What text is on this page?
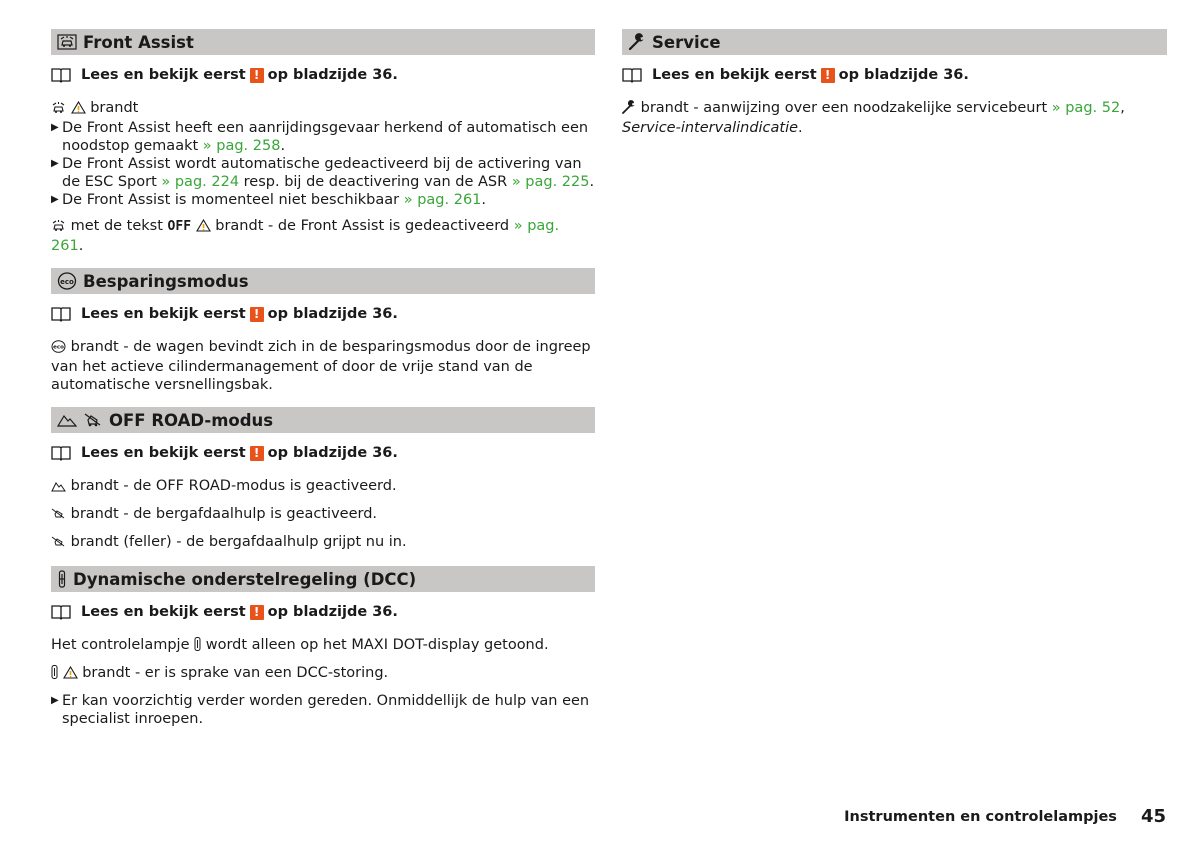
Front Assist
Lees en bekijk eerst ! op bladzijde 36.

brandt

▶ De Front Assist heeft een aanrijdingsgevaar herkend of automatisch een noodstop gemaakt » pag. 258.
▶ De Front Assist wordt automatische gedeactiveerd bij de activering van de ESC Sport » pag. 224 resp. bij de deactivering van de ASR » pag. 225.
▶ De Front Assist is momenteel niet beschikbaar » pag. 261.

met de tekst OFF brandt - de Front Assist is gedeactiveerd » pag. 261.

eco Besparingsmodus
Lees en bekijk eerst ! op bladzijde 36.

eco brandt - de wagen bevindt zich in de besparingsmodus door de ingreep van het actieve cilindermanagement of door de vrije stand van de automatische versnellingsbak.

OFF ROAD-modus
Lees en bekijk eerst ! op bladzijde 36.

brandt - de OFF ROAD-modus is geactiveerd.

brandt - de bergafdaalhulp is geactiveerd.

brandt (feller) - de bergafdaalhulp grijpt nu in.

Dynamische onderstelregeling (DCC)
Lees en bekijk eerst ! op bladzijde 36.

Het controlelampje wordt alleen op het MAXI DOT-display getoond.

brandt - er is sprake van een DCC-storing.

▶ Er kan voorzichtig verder worden gereden. Onmiddellijk de hulp van een specialist inroepen.
Service
Lees en bekijk eerst ! op bladzijde 36.

brandt - aanwijzing over een noodzakelijke servicebeurt » pag. 52, Service-intervalindicatie.

Instrumenten en controlelampjes 45
